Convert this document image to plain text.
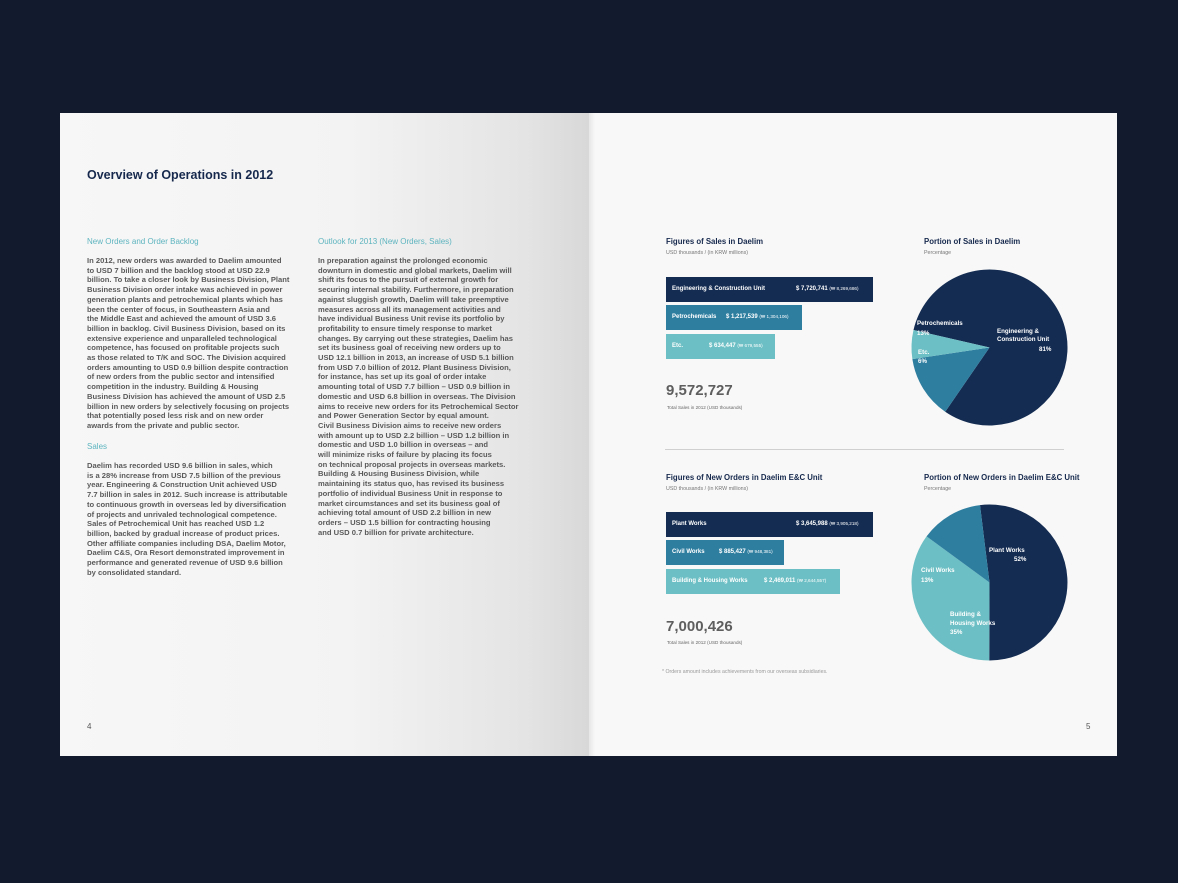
Overview of Operations in 2012
New Orders and Order Backlog
In 2012, new orders was awarded to Daelim amounted
to USD 7 billion and the backlog stood at USD 22.9
billion. To take a closer look by Business Division, Plant
Business Division order intake was achieved in power
generation plants and petrochemical plants which has
been the center of focus, in Southeastern Asia and
the Middle East and achieved the amount of USD 3.6
billion in backlog. Civil Business Division, based on its
extensive experience and unparalleled technological
competence, has focused on profitable projects such
as those related to T/K and SOC. The Division acquired
orders amounting to USD 0.9 billion despite contraction
of new orders from the public sector and intensified
competition in the industry. Building & Housing
Business Division has achieved the amount of USD 2.5
billion in new orders by selectively focusing on projects
that potentially posed less risk and on new order
awards from the private and public sector.
Sales
Daelim has recorded USD 9.6 billion in sales, which
is a 28% increase from USD 7.5 billion of the previous
year. Engineering & Construction Unit achieved USD
7.7 billion in sales in 2012. Such increase is attributable
to continuous growth in overseas led by diversification
of projects and unrivaled technological competence.
Sales of Petrochemical Unit has reached USD 1.2
billion, backed by gradual increase of product prices.
Other affiliate companies including DSA, Daelim Motor,
Daelim C&S, Ora Resort demonstrated improvement in
performance and generated revenue of USD 9.6 billion
by consolidated standard.
Outlook for 2013 (New Orders, Sales)
In preparation against the prolonged economic
downturn in domestic and global markets, Daelim will
shift its focus to the pursuit of external growth for
securing internal stability. Furthermore, in preparation
against sluggish growth, Daelim will take preemptive
measures across all its management activities and
have individual Business Unit revise its portfolio by
profitability to ensure timely response to market
changes. By carrying out these strategies, Daelim has
set its business goal of receiving new orders up to
USD 12.1 billion in 2013, an increase of USD 5.1 billion
from USD 7.0 billion of 2012. Plant Business Division,
for instance, has set up its goal of order intake
amounting total of USD 7.7 billion – USD 0.9 billion in
domestic and USD 6.8 billion in overseas. The Division
aims to receive new orders for its Petrochemical Sector
and Power Generation Sector by equal amount.
Civil Business Division aims to receive new orders
with amount up to USD 2.2 billion – USD 1.2 billion in
domestic and USD 1.0 billion in overseas – and
will minimize risks of failure by placing its focus
on technical proposal projects in overseas markets.
Building & Housing Business Division, while
maintaining its status quo, has revised its business
portfolio of individual Business Unit in response to
market circumstances and set its business goal of
achieving total amount of USD 2.2 billion in new
orders – USD 1.5 billion for contracting housing
and USD 0.7 billion for private architecture.
4
Figures of Sales in Daelim
USD thousands / (in KRW millions)
Engineering & Construction Unit	$ 7,720,741 (₩ 8,269,686)
Petrochemicals $ 1,217,539 (₩ 1,304,106)
Etc.	$ 634,447 (₩ 679,555)
9,572,727
Total Sales in 2012 (USD thousands)
Portion of Sales in Daelim
Percentage
Engineering &
Construction Unit
81%
Petrochemicals
13%
Etc.
6%
Figures of New Orders in Daelim E&C Unit
USD thousands / (in KRW millions)
Plant Works	$ 3,645,988 (₩ 3,905,218)
Civil Works $ 885,427 (₩ 948,381)
Building & Housing Works	$ 2,469,011 (₩ 2,644,557)
7,000,426
Total Sales in 2012 (USD thousands)
Portion of New Orders in Daelim E&C Unit
Percentage
Plant Works
52%
Civil Works
13%
Building &
Housing Works
35%
* Orders amount includes achievements from our overseas subsidiaries.
5
